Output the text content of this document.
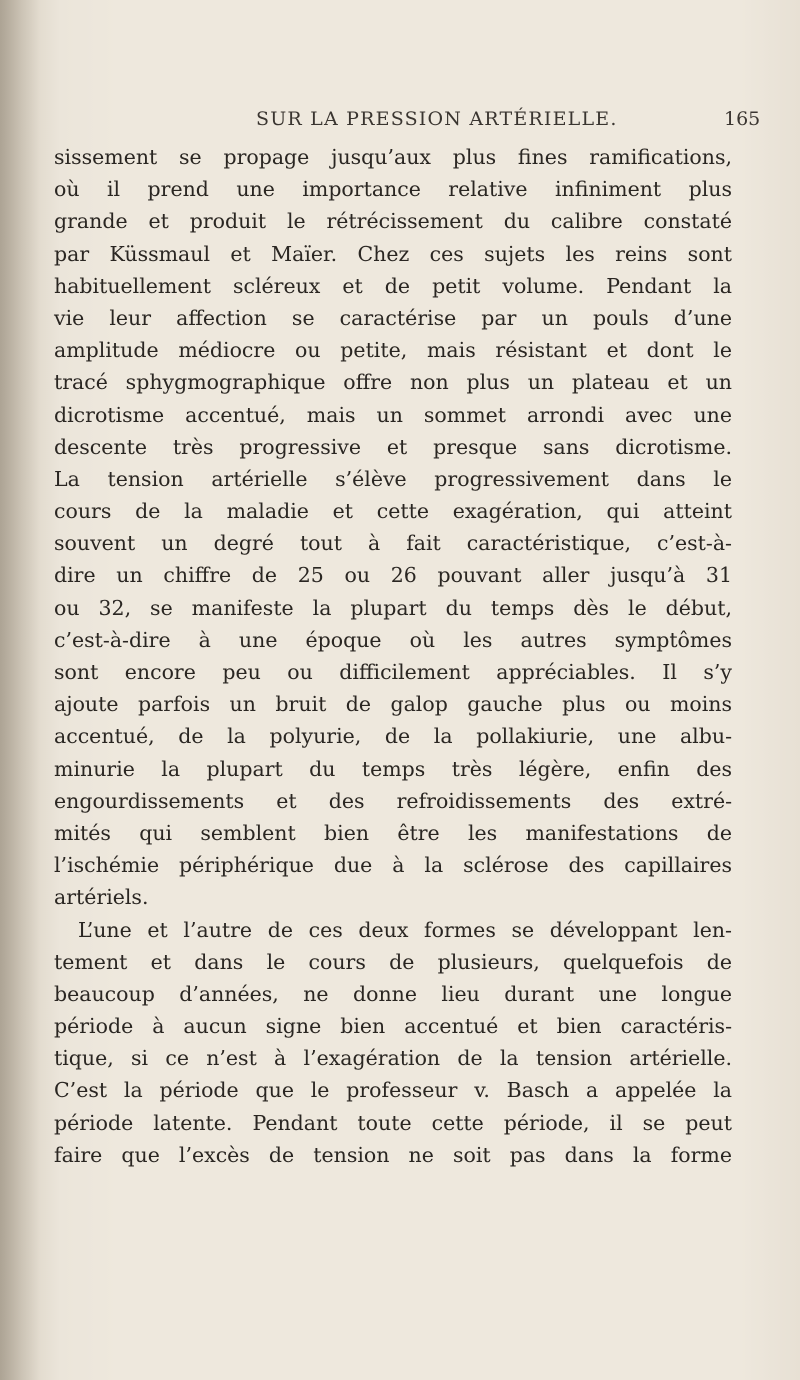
SUR LA PRESSION ARTÉRIELLE.	165
sissement se propage jusqu’aux plus fines ramifications,
où il prend une importance relative infiniment plus
grande et produit le rétrécissement du calibre constaté
par Küssmaul et Maïer. Chez ces sujets les reins sont
habituellement scléreux et de petit volume. Pendant la
vie leur affection se caractérise par un pouls d’une
amplitude médiocre ou petite, mais résistant et dont le
tracé sphygmographique offre non plus un plateau et un
dicrotisme accentué, mais un sommet arrondi avec une
descente très progressive et presque sans dicrotisme.
La tension artérielle s’élève progressivement dans le
cours de la maladie et cette exagération, qui atteint
souvent un degré tout à fait caractéristique, c’est-à-
dire un chiffre de 25 ou 26 pouvant aller jusqu’à 31
ou 32, se manifeste la plupart du temps dès le début,
c’est-à-dire à une époque où les autres symptômes
sont encore peu ou difficilement appréciables. Il s’y
ajoute parfois un bruit de galop gauche plus ou moins
accentué, de la polyurie, de la pollakiurie, une albu-
minurie la plupart du temps très légère, enfin des
engourdissements et des refroidissements des extré-
mités qui semblent bien être les manifestations de
l’ischémie périphérique due à la sclérose des capillaires
artériels.
L’une et l’autre de ces deux formes se développant len-
tement et dans le cours de plusieurs, quelquefois de
beaucoup d’années, ne donne lieu durant une longue
période à aucun signe bien accentué et bien caractéris-
tique, si ce n’est à l’exagération de la tension artérielle.
C’est la période que le professeur v. Basch a appelée la
période latente. Pendant toute cette période, il se peut
faire que l’excès de tension ne soit pas dans la forme
